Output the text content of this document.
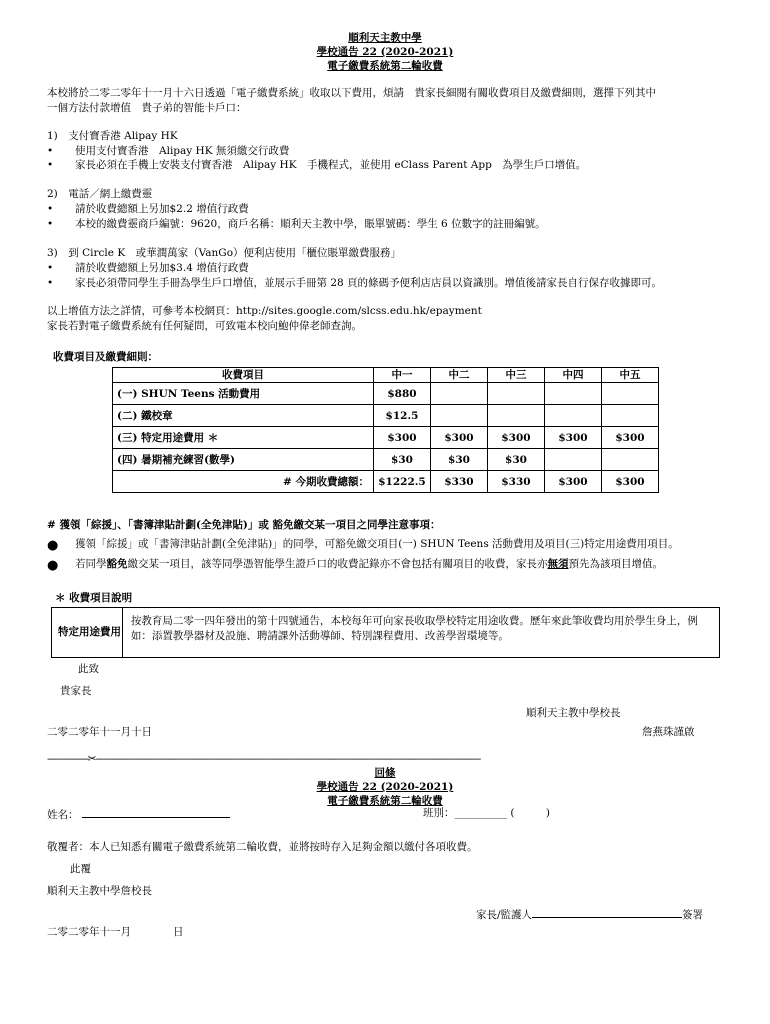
順利天主教中學
學校通告 22 (2020-2021)
電子繳費系統第二輪收費
本校將於二零二零年十一月十六日透過「電子繳費系統」收取以下費用，煩請　貴家長細閱有關收費項目及繳費細則，選擇下列其中
一個方法付款增值　貴子弟的智能卡戶口：
1)　支付寶香港 Alipay HK
• 使用支付寶香港　Alipay HK 無須繳交行政費
• 家長必須在手機上安裝支付寶香港　Alipay HK　手機程式，並使用 eClass Parent App　為學生戶口增值。
2)　電話／網上繳費靈
• 請於收費總額上另加$2.2 增值行政費
• 本校的繳費靈商戶編號：9620，商戶名稱：順利天主教中學，賬單號碼：學生 6 位數字的註冊編號。
3)　到 Circle K　或華潤萬家（VanGo）便利店使用「櫃位賬單繳費服務」
• 請於收費總額上另加$3.4 增值行政費
• 家長必須帶同學生手冊為學生戶口增值，並展示手冊第 28 頁的條碼予便利店店員以資識別。增值後請家長自行保存收據即可。
以上增值方法之詳情，可參考本校網頁：http://sites.google.com/slcss.edu.hk/epayment
家長若對電子繳費系統有任何疑問，可致電本校向鮑仲偉老師查詢。
收費項目及繳費細則：
收費項目	中一	中二	中三	中四	中五
(一) SHUN Teens 活動費用	$880				
(二) 鐵校章	$12.5				
(三) 特定用途費用 ＊	$300	$300	$300	$300	$300
(四) 暑期補充練習(數學)	$30	$30	$30		
# 今期收費總額：	$1222.5	$330	$330	$300	$300
# 獲領「綜援」、「書簿津貼計劃(全免津貼)」或 豁免繳交某一項目之同學注意事項：
● 獲領「綜援」或「書簿津貼計劃(全免津貼)」的同學，可豁免繳交項目(一) SHUN Teens 活動費用及項目(三)特定用途費用項目。
● 若同學豁免繳交某一項目，該等同學憑智能學生證戶口的收費記錄亦不會包括有關項目的收費，家長亦無須預先為該項目增值。
＊ 收費項目說明
特定用途費用
按教育局二零一四年發出的第十四號通告，本校每年可向家長收取學校特定用途收費。歷年來此筆收費均用於學生身上，例如：添置教學器材及設施、聘請課外活動導師、特別課程費用、改善學習環境等。
此致
貴家長
順利天主教中學校長
詹燕珠謹啟
二零二零年十一月十日
----------------✂-------------------------------------------------------------------------------------------------------------------------------------------------------
回條
學校通告 22 (2020-2021)
電子繳費系統第二輪收費
姓名：	班別：__________ (　　　)
敬覆者：本人已知悉有關電子繳費系統第二輪收費，並將按時存入足夠金額以繳付各項收費。
此覆
順利天主教中學詹校長
家長/監護人	簽署
二零二零年十一月　　　　日
